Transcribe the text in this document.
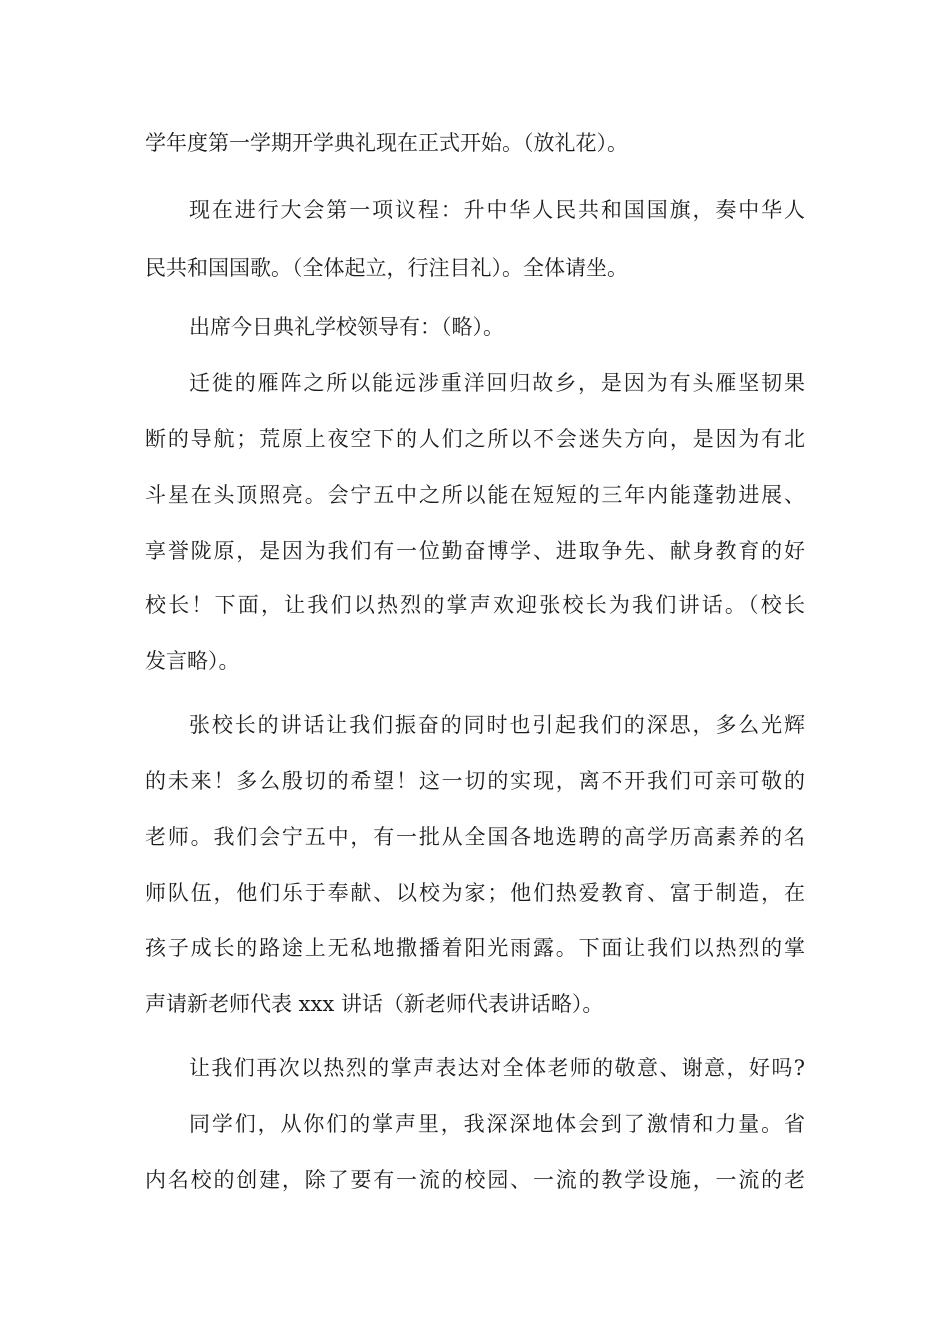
学年度第一学期开学典礼现在正式开始。（放礼花）。
现在进行大会第一项议程：升中华人民共和国国旗，奏中华人
民共和国国歌。（全体起立，行注目礼）。全体请坐。
出席今日典礼学校领导有：（略）。
迁徙的雁阵之所以能远涉重洋回归故乡，是因为有头雁坚韧果
断的导航；荒原上夜空下的人们之所以不会迷失方向，是因为有北
斗星在头顶照亮。会宁五中之所以能在短短的三年内能蓬勃进展、
享誉陇原，是因为我们有一位勤奋博学、进取争先、献身教育的好
校长！下面，让我们以热烈的掌声欢迎张校长为我们讲话。（校长
发言略）。
张校长的讲话让我们振奋的同时也引起我们的深思，多么光辉
的未来！多么殷切的希望！这一切的实现，离不开我们可亲可敬的
老师。我们会宁五中，有一批从全国各地选聘的高学历高素养的名
师队伍，他们乐于奉献、以校为家；他们热爱教育、富于制造，在
孩子成长的路途上无私地撒播着阳光雨露。下面让我们以热烈的掌
声请新老师代表 xxx 讲话（新老师代表讲话略）。
让我们再次以热烈的掌声表达对全体老师的敬意、谢意，好吗?
同学们，从你们的掌声里，我深深地体会到了激情和力量。省
内名校的创建，除了要有一流的校园、一流的教学设施，一流的老
